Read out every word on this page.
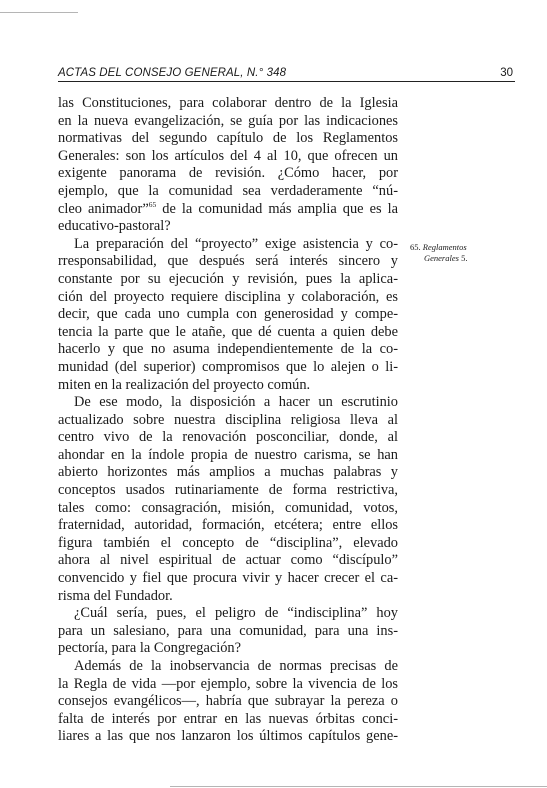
ACTAS DEL CONSEJO GENERAL, N.° 348	30
las Constituciones, para colaborar dentro de la Iglesia
en la nueva evangelización, se guía por las indicaciones
normativas del segundo capítulo de los Reglamentos
Generales: son los artículos del 4 al 10, que ofrecen un
exigente panorama de revisión. ¿Cómo hacer, por
ejemplo, que la comunidad sea verdaderamente “nú-
cleo animador”$^{65}$ de la comunidad más amplia que es la
educativo-pastoral?
La preparación del “proyecto” exige asistencia y co-
rresponsabilidad, que después será interés sincero y
constante por su ejecución y revisión, pues la aplica-
ción del proyecto requiere disciplina y colaboración, es
decir, que cada uno cumpla con generosidad y compe-
tencia la parte que le atañe, que dé cuenta a quien debe
hacerlo y que no asuma independientemente de la co-
munidad (del superior) compromisos que lo alejen o li-
miten en la realización del proyecto común.
De ese modo, la disposición a hacer un escrutinio
actualizado sobre nuestra disciplina religiosa lleva al
centro vivo de la renovación posconciliar, donde, al
ahondar en la índole propia de nuestro carisma, se han
abierto horizontes más amplios a muchas palabras y
conceptos usados rutinariamente de forma restrictiva,
tales como: consagración, misión, comunidad, votos,
fraternidad, autoridad, formación, etcétera; entre ellos
figura también el concepto de “disciplina”, elevado
ahora al nivel espiritual de actuar como “discípulo”
convencido y fiel que procura vivir y hacer crecer el ca-
risma del Fundador.
¿Cuál sería, pues, el peligro de “indisciplina” hoy
para un salesiano, para una comunidad, para una ins-
pectoría, para la Congregación?
Además de la inobservancia de normas precisas de
la Regla de vida —por ejemplo, sobre la vivencia de los
consejos evangélicos—, habría que subrayar la pereza o
falta de interés por entrar en las nuevas órbitas conci-
liares a las que nos lanzaron los últimos capítulos gene-
65. Reglamentos
Generales 5.
